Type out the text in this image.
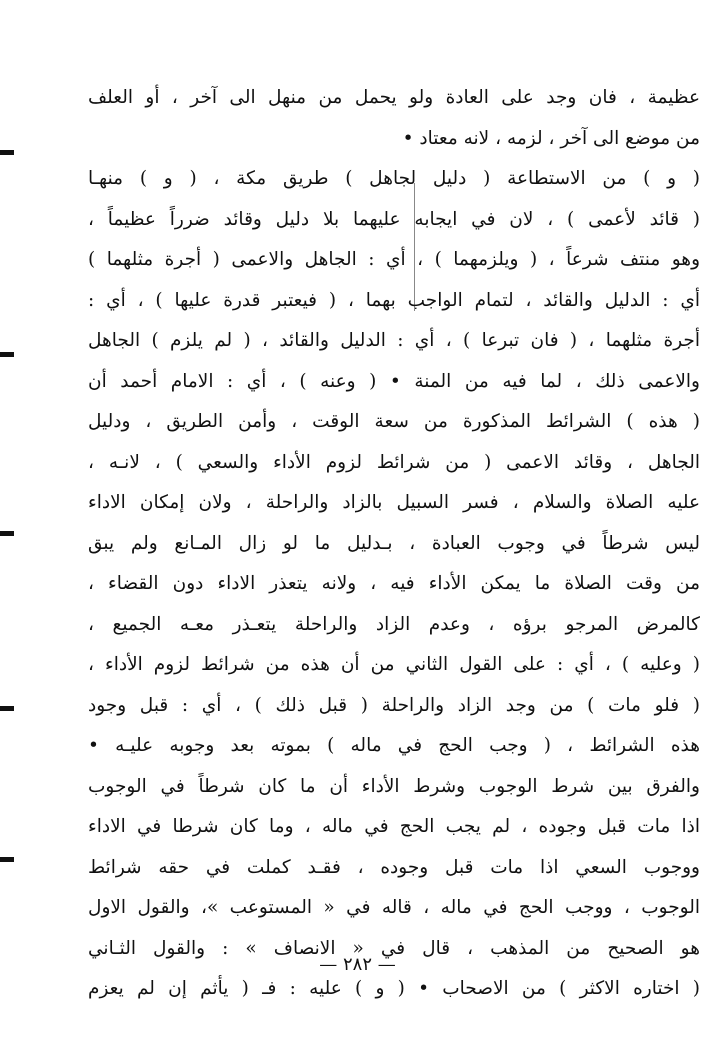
عظيمة ، فان وجد على العادة ولو يحمل من منهل الى آخر ، أو العلف
من موضع الى آخر ، لزمه ، لانه معتاد •
( و ) من الاستطاعة ( دليل لجاهل ) طريق مكة ، ( و ) منهـا
( قائد لأعمى ) ، لان في ايجابه عليهما بلا دليل وقائد ضرراً عظيماً ،
وهو منتف شرعاً ، ( ويلزمهما ) ، أي : الجاهل والاعمى ( أجرة مثلهما )
أي : الدليل والقائد ، لتمام الواجب بهما ، ( فيعتبر قدرة عليها ) ، أي :
أجرة مثلهما ، ( فان تبرعا ) ، أي : الدليل والقائد ، ( لم يلزم ) الجاهل
والاعمى ذلك ، لما فيه من المنة • ( وعنه ) ، أي : الامام أحمد أن
( هذه ) الشرائط المذكورة من سعة الوقت ، وأمن الطريق ، ودليل
الجاهل ، وقائد الاعمى ( من شرائط لزوم الأداء والسعي ) ، لانـه ،
عليه الصلاة والسلام ، فسر السبيل بالزاد والراحلة ، ولان إمكان الاداء
ليس شرطاً في وجوب العبادة ، بـدليل ما لو زال المـانع ولم يبق
من وقت الصلاة ما يمكن الأداء فيه ، ولانه يتعذر الاداء دون القضاء ،
كالمرض المرجو برؤه ، وعدم الزاد والراحلة يتعـذر معـه الجميع ،
( وعليه ) ، أي : على القول الثاني من أن هذه من شرائط لزوم الأداء ،
( فلو مات ) من وجد الزاد والراحلة ( قبل ذلك ) ، أي : قبل وجود
هذه الشرائط ، ( وجب الحج في ماله ) بموته بعد وجوبه عليـه •
والفرق بين شرط الوجوب وشرط الأداء أن ما كان شرطاً في الوجوب
اذا مات قبل وجوده ، لم يجب الحج في ماله ، وما كان شرطا في الاداء
ووجوب السعي اذا مات قبل وجوده ، فقـد كملت في حقه شرائط
الوجوب ، ووجب الحج في ماله ، قاله في « المستوعب »، والقول الاول
هو الصحيح من المذهب ، قال في « الانصاف » : والقول الثـاني
( اختاره الاكثر ) من الاصحاب • ( و ) عليه : فـ ( يأثم إن لم يعزم
— ٢٨٢ —
